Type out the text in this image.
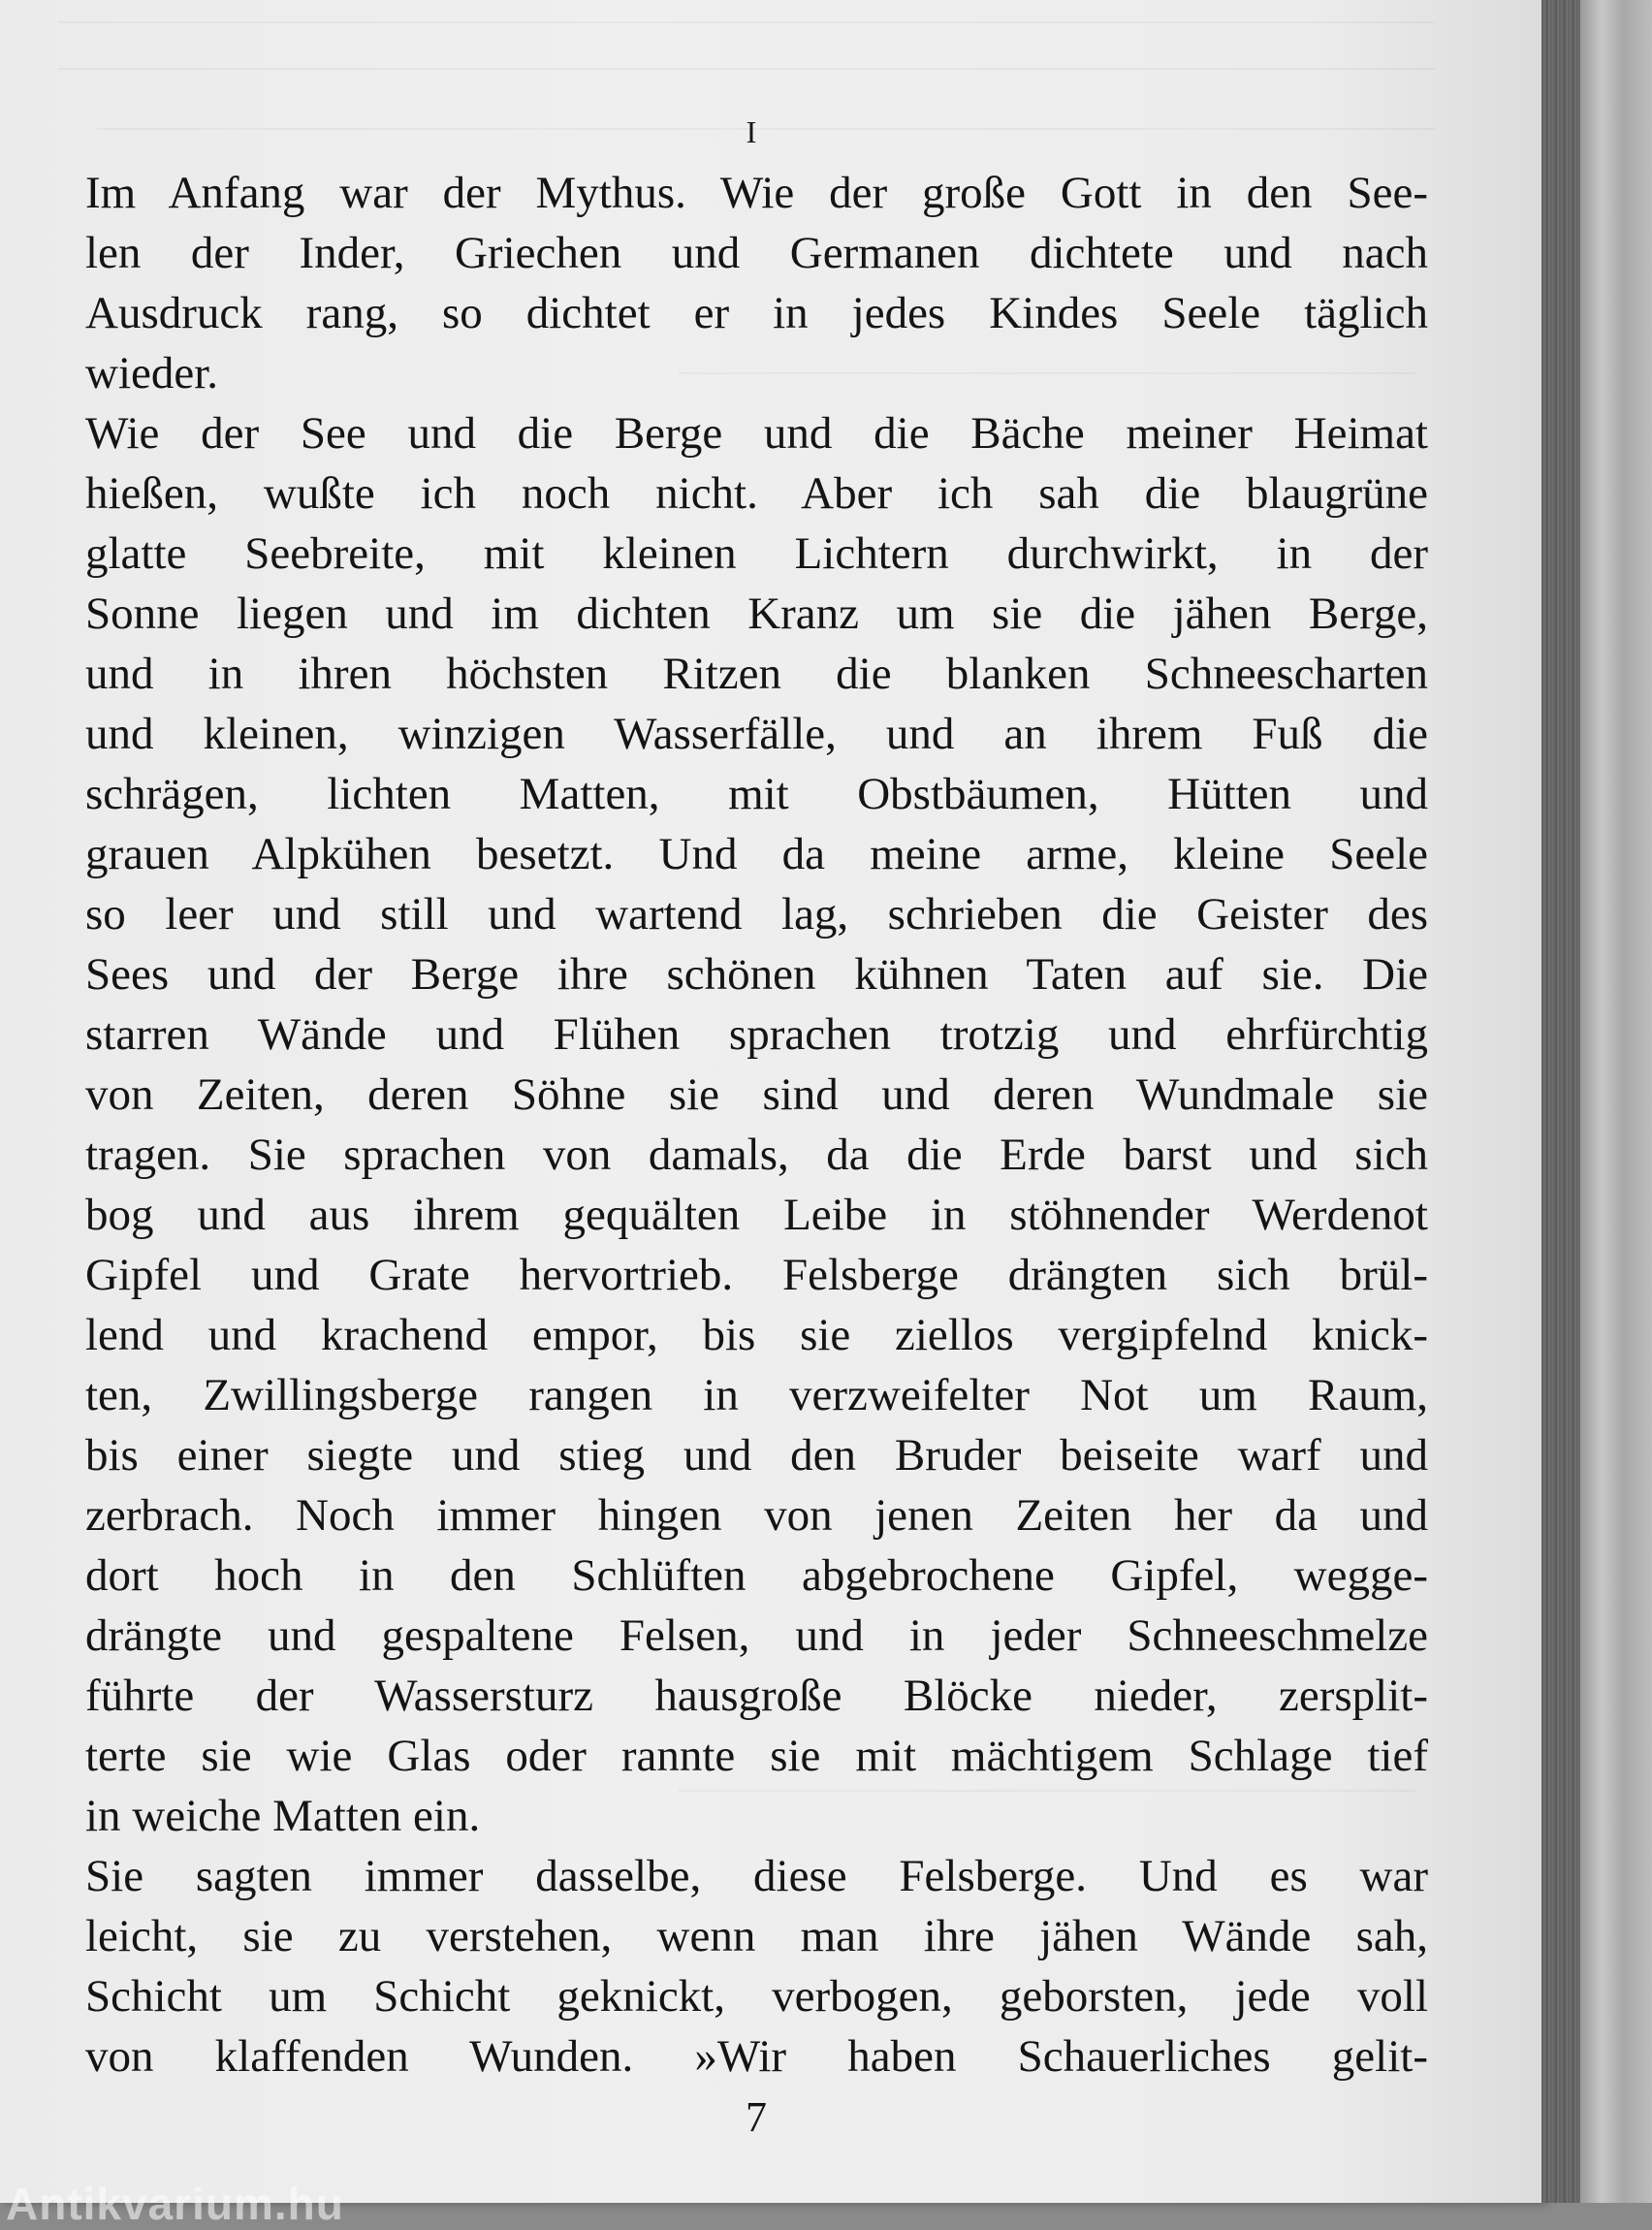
I
Im Anfang war der Mythus. Wie der große Gott in den See-
len der Inder, Griechen und Germanen dichtete und nach
Ausdruck rang, so dichtet er in jedes Kindes Seele täglich
wieder.
Wie der See und die Berge und die Bäche meiner Heimat
hießen, wußte ich noch nicht. Aber ich sah die blaugrüne
glatte Seebreite, mit kleinen Lichtern durchwirkt, in der
Sonne liegen und im dichten Kranz um sie die jähen Berge,
und in ihren höchsten Ritzen die blanken Schneescharten
und kleinen, winzigen Wasserfälle, und an ihrem Fuß die
schrägen, lichten Matten, mit Obstbäumen, Hütten und
grauen Alpkühen besetzt. Und da meine arme, kleine Seele
so leer und still und wartend lag, schrieben die Geister des
Sees und der Berge ihre schönen kühnen Taten auf sie. Die
starren Wände und Flühen sprachen trotzig und ehrfürchtig
von Zeiten, deren Söhne sie sind und deren Wundmale sie
tragen. Sie sprachen von damals, da die Erde barst und sich
bog und aus ihrem gequälten Leibe in stöhnender Werdenot
Gipfel und Grate hervortrieb. Felsberge drängten sich brül-
lend und krachend empor, bis sie ziellos vergipfelnd knick-
ten, Zwillingsberge rangen in verzweifelter Not um Raum,
bis einer siegte und stieg und den Bruder beiseite warf und
zerbrach. Noch immer hingen von jenen Zeiten her da und
dort hoch in den Schlüften abgebrochene Gipfel, wegge-
drängte und gespaltene Felsen, und in jeder Schneeschmelze
führte der Wassersturz hausgroße Blöcke nieder, zersplit-
terte sie wie Glas oder rannte sie mit mächtigem Schlage tief
in weiche Matten ein.
Sie sagten immer dasselbe, diese Felsberge. Und es war
leicht, sie zu verstehen, wenn man ihre jähen Wände sah,
Schicht um Schicht geknickt, verbogen, geborsten, jede voll
von klaffenden Wunden. »Wir haben Schauerliches gelit-
7
Antikvarium.hu
